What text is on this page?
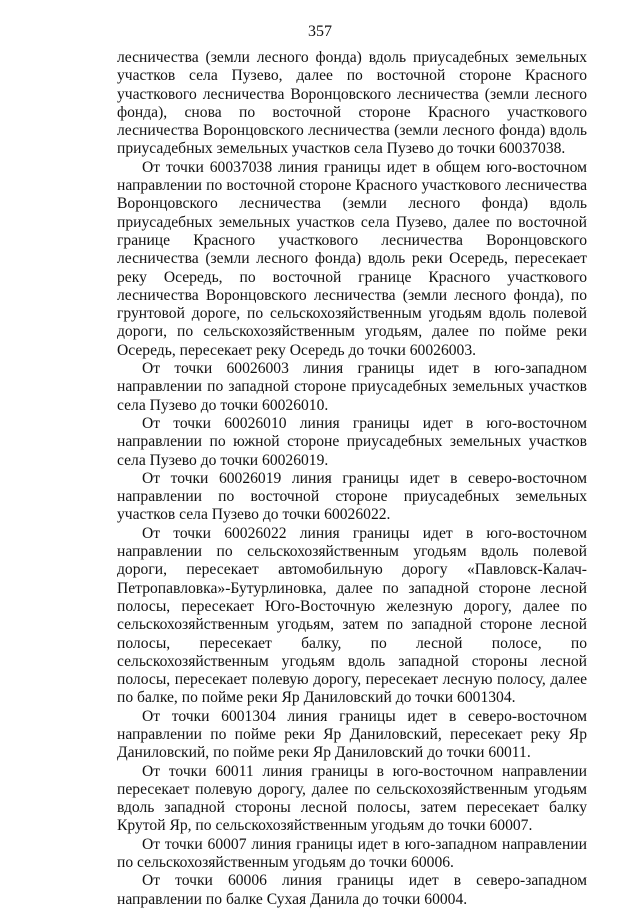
357

лесничества (земли лесного фонда) вдоль приусадебных земельных участков села Пузево, далее по восточной стороне Красного участкового лесничества Воронцовского лесничества (земли лесного фонда), снова по восточной стороне Красного участкового лесничества Воронцовского лесничества (земли лесного фонда) вдоль приусадебных земельных участков села Пузево до точки 60037038.

От точки 60037038 линия границы идет в общем юго-восточном направлении по восточной стороне Красного участкового лесничества Воронцовского лесничества (земли лесного фонда) вдоль приусадебных земельных участков села Пузево, далее по восточной границе Красного участкового лесничества Воронцовского лесничества (земли лесного фонда) вдоль реки Осередь, пересекает реку Осередь, по восточной границе Красного участкового лесничества Воронцовского лесничества (земли лесного фонда), по грунтовой дороге, по сельскохозяйственным угодьям вдоль полевой дороги, по сельскохозяйственным угодьям, далее по пойме реки Осередь, пересекает реку Осередь до точки 60026003.

От точки 60026003 линия границы идет в юго-западном направлении по западной стороне приусадебных земельных участков села Пузево до точки 60026010.

От точки 60026010 линия границы идет в юго-восточном направлении по южной стороне приусадебных земельных участков села Пузево до точки 60026019.

От точки 60026019 линия границы идет в северо-восточном направлении по восточной стороне приусадебных земельных участков села Пузево до точки 60026022.

От точки 60026022 линия границы идет в юго-восточном направлении по сельскохозяйственным угодьям вдоль полевой дороги, пересекает автомобильную дорогу «Павловск-Калач-Петропавловка»-Бутурлиновка, далее по западной стороне лесной полосы, пересекает Юго-Восточную железную дорогу, далее по сельскохозяйственным угодьям, затем по западной стороне лесной полосы, пересекает балку, по лесной полосе, по сельскохозяйственным угодьям вдоль западной стороны лесной полосы, пересекает полевую дорогу, пересекает лесную полосу, далее по балке, по пойме реки Яр Даниловский до точки 6001304.

От точки 6001304 линия границы идет в северо-восточном направлении по пойме реки Яр Даниловский, пересекает реку Яр Даниловский, по пойме реки Яр Даниловский до точки 60011.

От точки 60011 линия границы в юго-восточном направлении пересекает полевую дорогу, далее по сельскохозяйственным угодьям вдоль западной стороны лесной полосы, затем пересекает балку Крутой Яр, по сельскохозяйственным угодьям до точки 60007.

От точки 60007 линия границы идет в юго-западном направлении по сельскохозяйственным угодьям до точки 60006.

От точки 60006 линия границы идет в северо-западном направлении по балке Сухая Данила до точки 60004.
